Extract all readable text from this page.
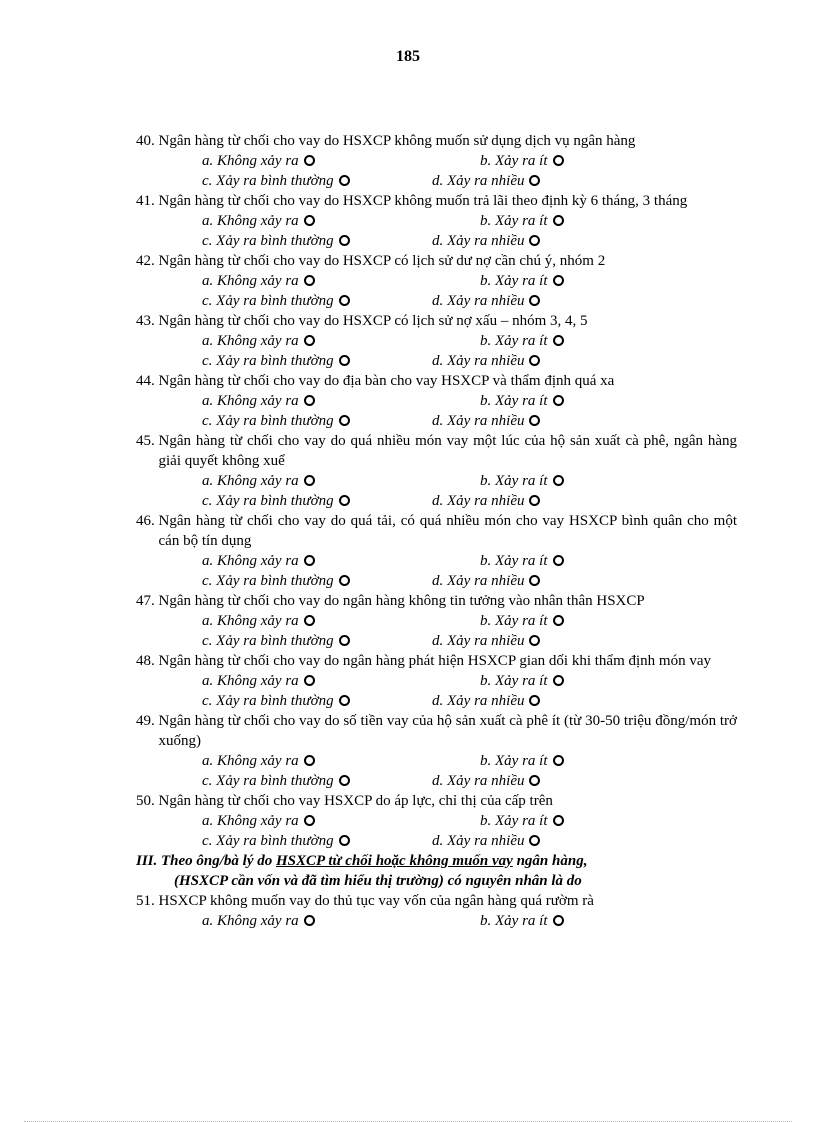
185
40. Ngân hàng từ chối cho vay do HSXCP không muốn sử dụng dịch vụ ngân hàng
a. Không xảy ra	b. Xảy ra ít
c. Xảy ra bình thường	d. Xảy ra nhiều
41. Ngân hàng từ chối cho vay do HSXCP không muốn trả lãi theo định kỳ 6 tháng, 3 tháng
a. Không xảy ra	b. Xảy ra ít
c. Xảy ra bình thường	d. Xảy ra nhiều
42. Ngân hàng từ chối cho vay do HSXCP có lịch sử dư nợ cần chú ý, nhóm 2
a. Không xảy ra	b. Xảy ra ít
c. Xảy ra bình thường	d. Xảy ra nhiều
43. Ngân hàng từ chối cho vay do HSXCP có lịch sử nợ xấu – nhóm 3, 4, 5
a. Không xảy ra	b. Xảy ra ít
c. Xảy ra bình thường	d. Xảy ra nhiều
44. Ngân hàng từ chối cho vay do địa bàn cho vay HSXCP và thẩm định quá xa
a. Không xảy ra	b. Xảy ra ít
c. Xảy ra bình thường	d. Xảy ra nhiều
45. Ngân hàng từ chối cho vay do quá nhiều món vay một lúc của hộ sản xuất cà phê, ngân hàng giải quyết không xuể
a. Không xảy ra	b. Xảy ra ít
c. Xảy ra bình thường	d. Xảy ra nhiều
46. Ngân hàng từ chối cho vay do quá tải, có quá nhiều món cho vay HSXCP bình quân cho một cán bộ tín dụng
a. Không xảy ra	b. Xảy ra ít
c. Xảy ra bình thường	d. Xảy ra nhiều
47. Ngân hàng từ chối cho vay do ngân hàng không tin tưởng vào nhân thân HSXCP
a. Không xảy ra	b. Xảy ra ít
c. Xảy ra bình thường	d. Xảy ra nhiều
48. Ngân hàng từ chối cho vay do ngân hàng phát hiện HSXCP gian dối khi thẩm định món vay
a. Không xảy ra	b. Xảy ra ít
c. Xảy ra bình thường	d. Xảy ra nhiều
49. Ngân hàng từ chối cho vay do số tiền vay của hộ sản xuất cà phê ít (từ 30-50 triệu đồng/món trở xuống)
a. Không xảy ra	b. Xảy ra ít
c. Xảy ra bình thường	d. Xảy ra nhiều
50. Ngân hàng từ chối cho vay HSXCP do áp lực, chỉ thị của cấp trên
a. Không xảy ra	b. Xảy ra ít
c. Xảy ra bình thường	d. Xảy ra nhiều
III. Theo ông/bà lý do HSXCP từ chối hoặc không muốn vay ngân hàng,
(HSXCP cần vốn và đã tìm hiểu thị trường) có nguyên nhân là do
51. HSXCP không muốn vay do thủ tục vay vốn của ngân hàng quá rườm rà
a. Không xảy ra	b. Xảy ra ít
